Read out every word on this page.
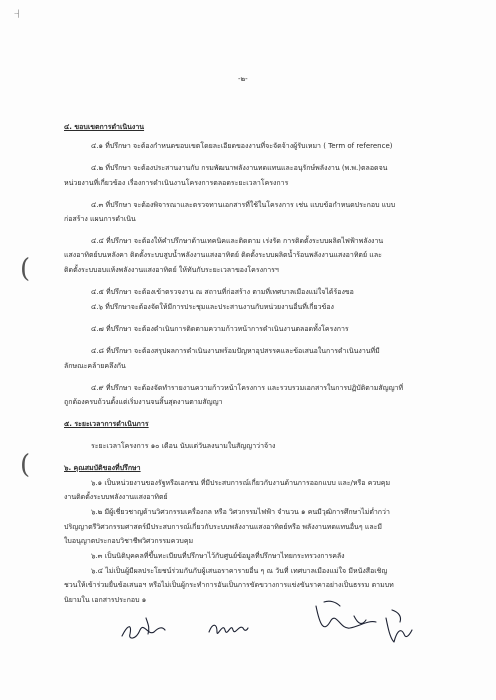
·┤
-๒-
(
(
๔. ขอบเขตการดำเนินงาน
๔.๑ ที่ปรึกษา จะต้องกำหนดขอบเขตโดยละเอียดของงานที่จะจัดจ้างผู้รับเหมา ( Term of reference)
๔.๒ ที่ปรึกษา จะต้องประสานงานกับ กรมพัฒนาพลังงานทดแทนและอนุรักษ์พลังงาน (พ.พ.)ตลอดจน
หน่วยงานที่เกี่ยวข้อง เรื่องการดำเนินงานโครงการตลอดระยะเวลาโครงการ
๔.๓ ที่ปรึกษา จะต้องพิจารณาและตรวจทานเอกสารที่ใช้ในโครงการ เช่น แบบข้อกำหนดประกอบ แบบ
ก่อสร้าง แผนการดำเนิน
๔.๔ ที่ปรึกษา จะต้องให้คำปรึกษาด้านเทคนิคและติดตาม เร่งรัด การติดตั้งระบบผลิตไฟฟ้าพลังงาน
แสงอาทิตย์บนหลังคา ติดตั้งระบบสูบน้ำพลังงานแสงอาทิตย์ ติดตั้งระบบผลิตน้ำร้อนพลังงานแสงอาทิตย์ และ
ติดตั้งระบบอบแห้งพลังงานแสงอาทิตย์ ให้ทันกับระยะเวลาของโครงการฯ
๔.๕ ที่ปรึกษา จะต้องเข้าตรวจงาน ณ สถานที่ก่อสร้าง ตามที่เทศบาลเมืองแม่ใจได้ร้องขอ
๔.๖ ที่ปรึกษาจะต้องจัดให้มีการประชุมและประสานงานกับหน่วยงานอื่นที่เกี่ยวข้อง
๔.๗ ที่ปรึกษา จะต้องดำเนินการติดตามความก้าวหน้าการดำเนินงานตลอดทั้งโครงการ
๔.๘ ที่ปรึกษา จะต้องสรุปผลการดำเนินงานพร้อมปัญหาอุปสรรคและข้อเสนอในการดำเนินงานที่มี
ลักษณะคล้ายคลึงกัน
๔.๙ ที่ปรึกษา จะต้องจัดทำรายงานความก้าวหน้าโครงการ และรวบรวมเอกสารในการปฏิบัติตามสัญญาที่
ถูกต้องครบถ้วนตั้งแต่เริ่มงานจนสิ้นสุดงานตามสัญญา
๕. ระยะเวลาการดำเนินการ
ระยะเวลาโครงการ ๑๐ เดือน นับแต่วันลงนามในสัญญาว่าจ้าง
๖. คุณสมบัติของที่ปรึกษา
๖.๑ เป็นหน่วยงานของรัฐหรือเอกชน ที่มีประสบการณ์เกี่ยวกับงานด้านการออกแบบ และ/หรือ ควบคุม
งานติดตั้งระบบพลังงานแสงอาทิตย์
๖.๒ มีผู้เชี่ยวชาญด้านวิศวกรรมเครื่องกล หรือ วิศวกรรมไฟฟ้า จำนวน ๑ คนมีวุฒิการศึกษาไม่ต่ำกว่า
ปริญญาตรีวิศวกรรมศาสตร์มีประสบการณ์เกี่ยวกับระบบพลังงานแสงอาทิตย์หรือ พลังงานทดแทนอื่นๆ และมี
ใบอนุญาตประกอบวิชาชีพวิศวกรรมควบคุม
๖.๓ เป็นนิติบุคคลที่ขึ้นทะเบียนที่ปรึกษาไว้กับศูนย์ข้อมูลที่ปรึกษาไทยกระทรวงการคลัง
๖.๔ ไม่เป็นผู้มีผลประโยชน์ร่วมกันกับผู้เสนอราคารายอื่น ๆ ณ วันที่ เทศบาลเมืองแม่ใจ มีหนังสือเชิญ
ชวนให้เข้าร่วมยื่นข้อเสนอฯ หรือไม่เป็นผู้กระทำการอันเป็นการขัดขวางการแข่งขันราคาอย่างเป็นธรรม ตามบท
นิยามใน เอกสารประกอบ ๑
